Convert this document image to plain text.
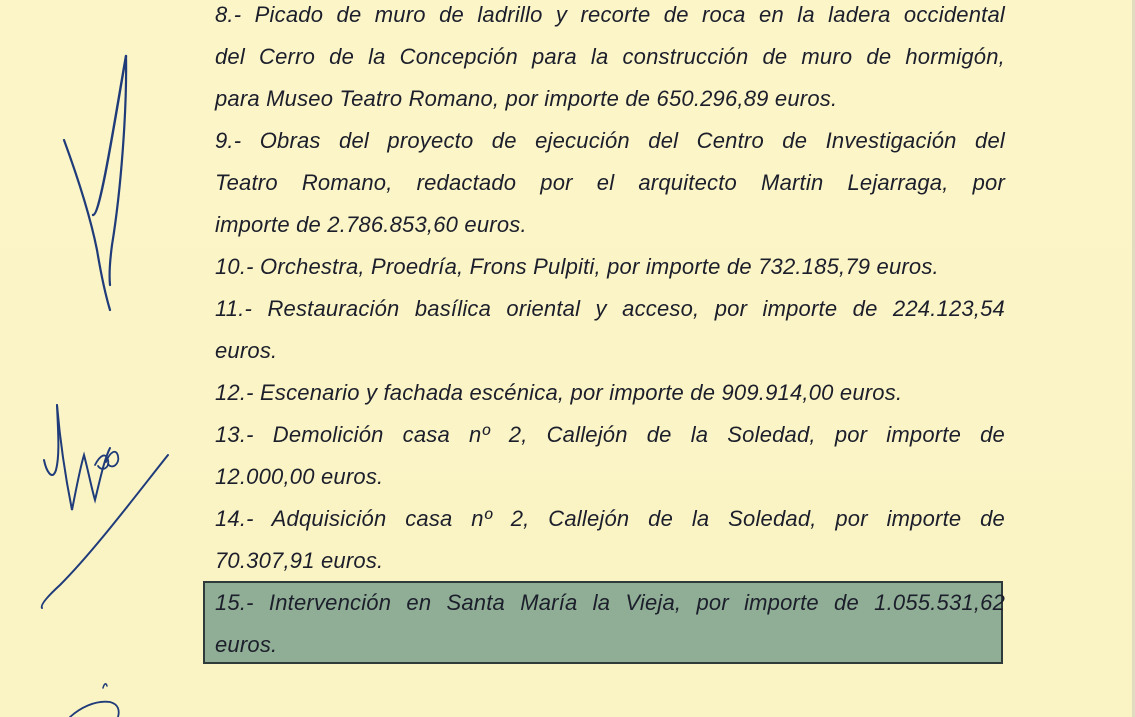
8.- Picado de muro de ladrillo y recorte de roca en la ladera occidental
del Cerro de la Concepción para la construcción de muro de hormigón,
para Museo Teatro Romano, por importe de 650.296,89 euros.
9.- Obras del proyecto de ejecución del Centro de Investigación del
Teatro Romano, redactado por el arquitecto Martin Lejarraga, por
importe de 2.786.853,60 euros.
10.- Orchestra, Proedría, Frons Pulpiti, por importe de 732.185,79 euros.
11.- Restauración basílica oriental y acceso, por importe de 224.123,54
euros.
12.- Escenario y fachada escénica, por importe de 909.914,00 euros.
13.- Demolición casa nº 2, Callejón de la Soledad, por importe de
12.000,00 euros.
14.- Adquisición casa nº 2, Callejón de la Soledad, por importe de
70.307,91 euros.
15.- Intervención en Santa María la Vieja, por importe de 1.055.531,62
euros.
